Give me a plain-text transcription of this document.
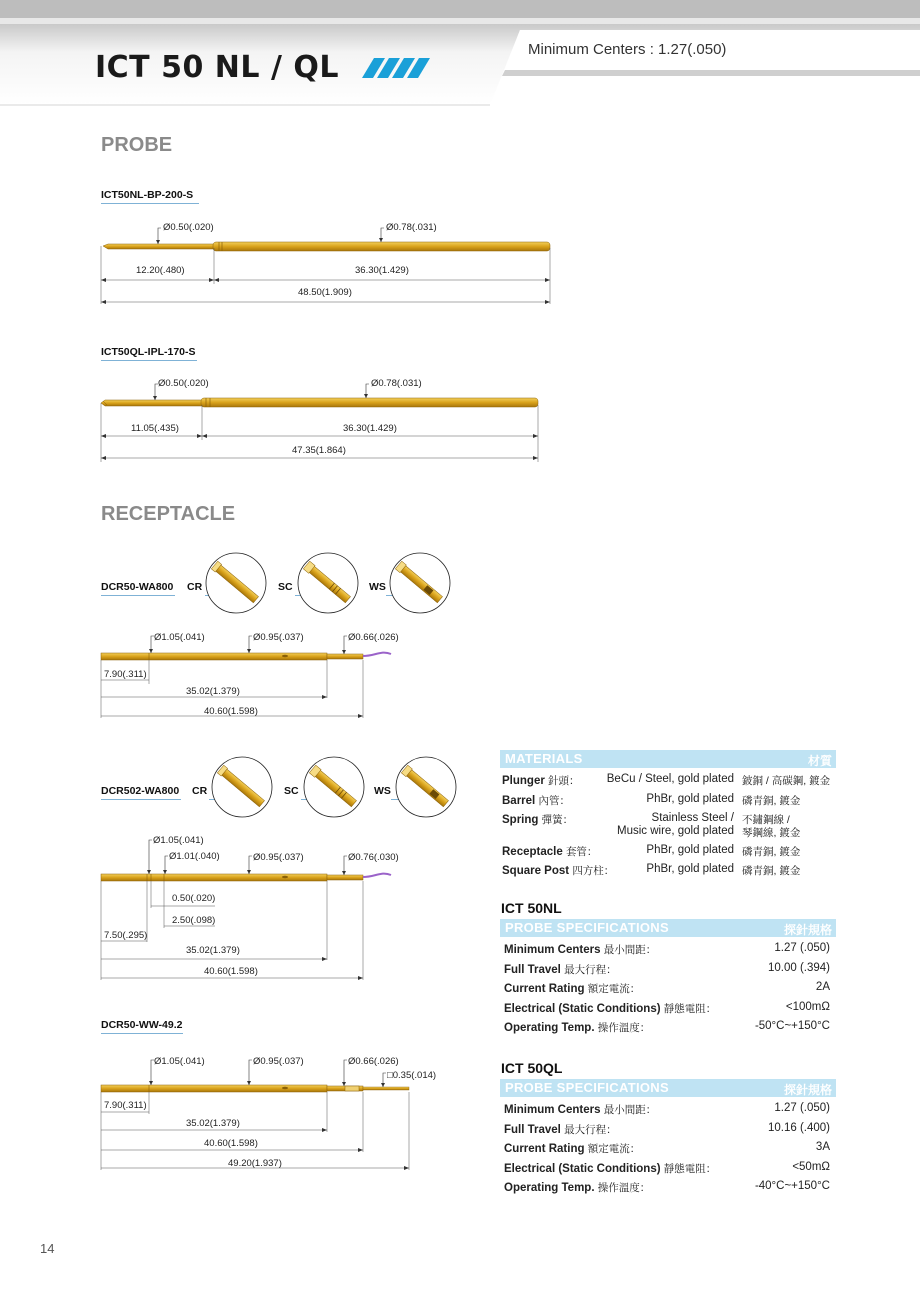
ICT 50 NL / QL
Minimum Centers : 1.27(.050)
PROBE
ICT50NL-BP-200-S
Ø0.50(.020)	Ø0.78(.031)
12.20(.480)	36.30(1.429)
48.50(1.909)
ICT50QL-IPL-170-S
Ø0.50(.020)	Ø0.78(.031)
11.05(.435)	36.30(1.429)
47.35(1.864)
RECEPTACLE
DCR50-WA800 CR	SC	WS
Ø1.05(.041)	Ø0.95(.037)	Ø0.66(.026)
7.90(.311)
35.02(1.379)
40.60(1.598)
DCR502-WA800 CR	SC	WS
Ø1.05(.041)
Ø1.01(.040)	Ø0.95(.037)	Ø0.76(.030)
0.50(.020)
2.50(.098)
7.50(.295)
35.02(1.379)
40.60(1.598)
DCR50-WW-49.2
Ø1.05(.041)	Ø0.95(.037)	Ø0.66(.026)
□0.35(.014)
7.90(.311)
35.02(1.379)
40.60(1.598)
49.20(1.937)
MATERIALS	材質
Plunger 針頭： BeCu / Steel, gold plated 鈹銅 / 高碳鋼, 鍍金
Barrel 內管：	PhBr, gold plated 磷青銅, 鍍金
Spring 彈簧：	Stainless Steel / 不鏽鋼線 /
Music wire, gold plated 琴鋼線, 鍍金
Receptacle 套管：	PhBr, gold plated 磷青銅, 鍍金
Square Post 四方柱：	PhBr, gold plated 磷青銅, 鍍金
ICT 50NL
PROBE SPECIFICATIONS	探針規格
Minimum Centers 最小間距：	1.27 (.050)
Full Travel 最大行程：	10.00 (.394)
Current Rating 額定電流：	2A
Electrical (Static Conditions) 靜態電阻：	<100mΩ
Operating Temp. 操作溫度：	-50°C~+150°C
ICT 50QL
PROBE SPECIFICATIONS	探針規格
Minimum Centers 最小間距：	1.27 (.050)
Full Travel 最大行程：	10.16 (.400)
Current Rating 額定電流：	3A
Electrical (Static Conditions) 靜態電阻：	<50mΩ
Operating Temp. 操作溫度：	-40°C~+150°C
14
